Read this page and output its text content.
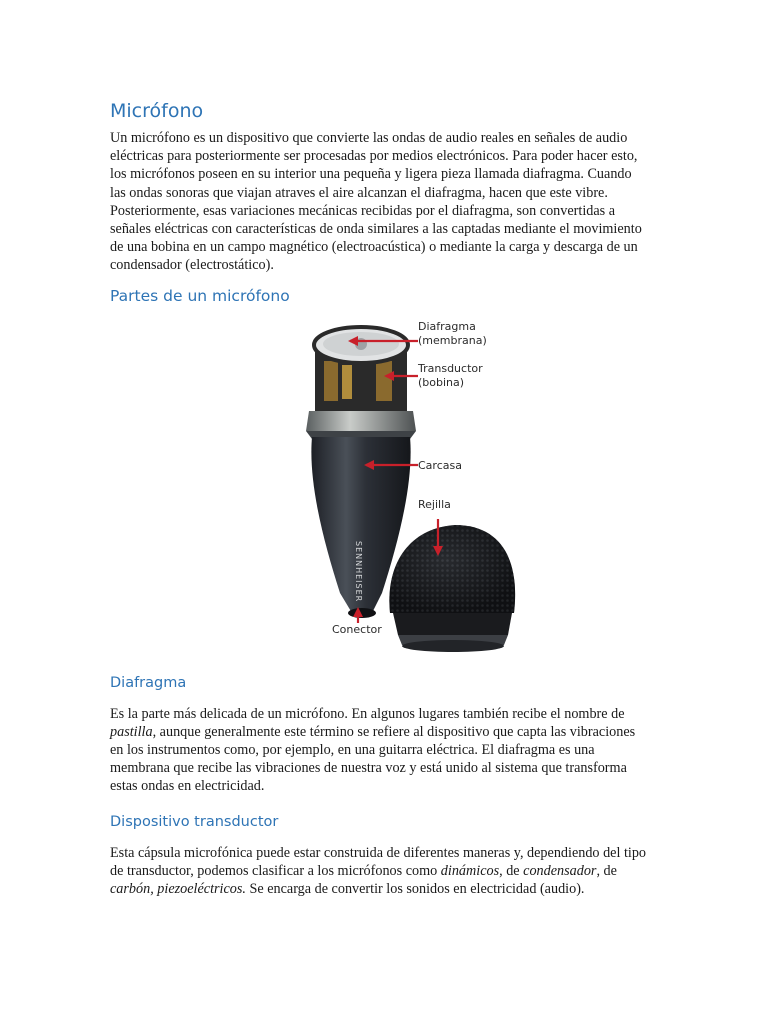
Micrófono

Un micrófono es un dispositivo que convierte las ondas de audio reales en señales de audio eléctricas para posteriormente ser procesadas por medios electrónicos. Para poder hacer esto, los micrófonos poseen en su interior una pequeña y ligera pieza llamada diafragma. Cuando las ondas sonoras que viajan atraves el aire alcanzan el diafragma, hacen que este vibre. Posteriormente, esas variaciones mecánicas recibidas por el diafragma, son convertidas a señales eléctricas con características de onda similares a las captadas mediante el movimiento de una bobina en un campo magnético (electroacústica) o mediante la carga y descarga de un condensador (electrostático).

Partes de un micrófono
SENNHEISER
Diafragma
(membrana)
Transductor
(bobina)
Carcasa
Rejilla
Conector
Diafragma

Es la parte más delicada de un micrófono. En algunos lugares también recibe el nombre de pastilla, aunque generalmente este término se refiere al dispositivo que capta las vibraciones en los instrumentos como, por ejemplo, en una guitarra eléctrica. El diafragma es una membrana que recibe las vibraciones de nuestra voz y está unido al sistema que transforma estas ondas en electricidad.

Dispositivo transductor

Esta cápsula microfónica puede estar construida de diferentes maneras y, dependiendo del tipo de transductor, podemos clasificar a los micrófonos como dinámicos, de condensador, de carbón, piezoeléctricos. Se encarga de convertir los sonidos en electricidad (audio).
